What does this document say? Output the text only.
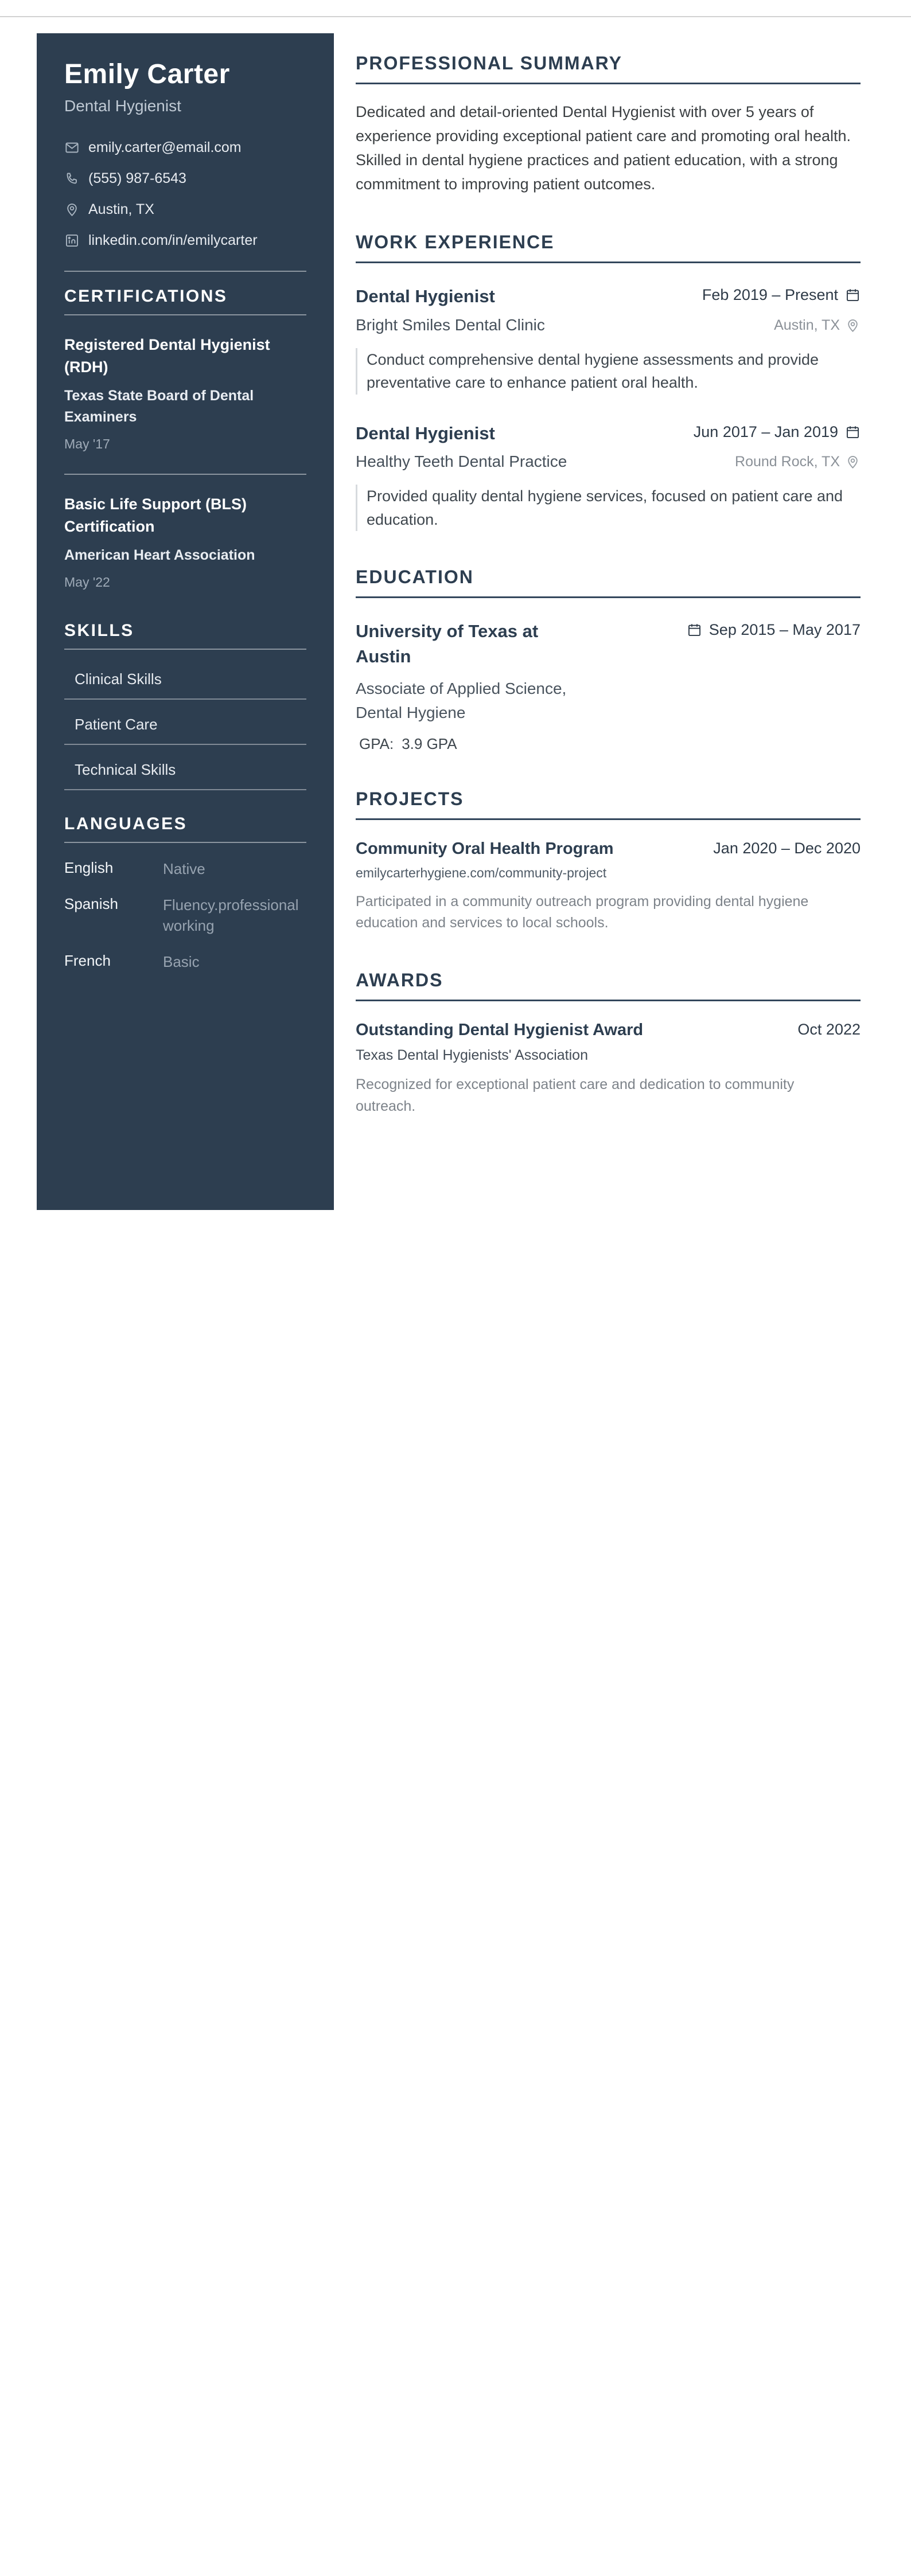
Emily Carter
Dental Hygienist
emily.carter@email.com
(555) 987-6543
Austin, TX
linkedin.com/in/emilycarter
CERTIFICATIONS
Registered Dental Hygienist (RDH)
Texas State Board of Dental Examiners
May '17
Basic Life Support (BLS) Certification
American Heart Association
May '22
SKILLS
Clinical Skills
Patient Care
Technical Skills
LANGUAGES
English	Native
Spanish	Fluency.professional working
French	Basic
PROFESSIONAL SUMMARY

Dedicated and detail-oriented Dental Hygienist with over 5 years of experience providing exceptional patient care and promoting oral health. Skilled in dental hygiene practices and patient education, with a strong commitment to improving patient outcomes.

WORK EXPERIENCE
Dental Hygienist	Feb 2019 – Present
Bright Smiles Dental Clinic	Austin, TX
Conduct comprehensive dental hygiene assessments and provide preventative care to enhance patient oral health.
Dental Hygienist	Jun 2017 – Jan 2019
Healthy Teeth Dental Practice	Round Rock, TX
Provided quality dental hygiene services, focused on patient care and education.
EDUCATION
University of Texas at Austin
Sep 2015 – May 2017
Associate of Applied Science, Dental Hygiene
GPA: 3.9 GPA
PROJECTS
Community Oral Health Program	Jan 2020 – Dec 2020
emilycarterhygiene.com/community-project
Participated in a community outreach program providing dental hygiene education and services to local schools.
AWARDS
Outstanding Dental Hygienist Award	Oct 2022
Texas Dental Hygienists' Association
Recognized for exceptional patient care and dedication to community outreach.
